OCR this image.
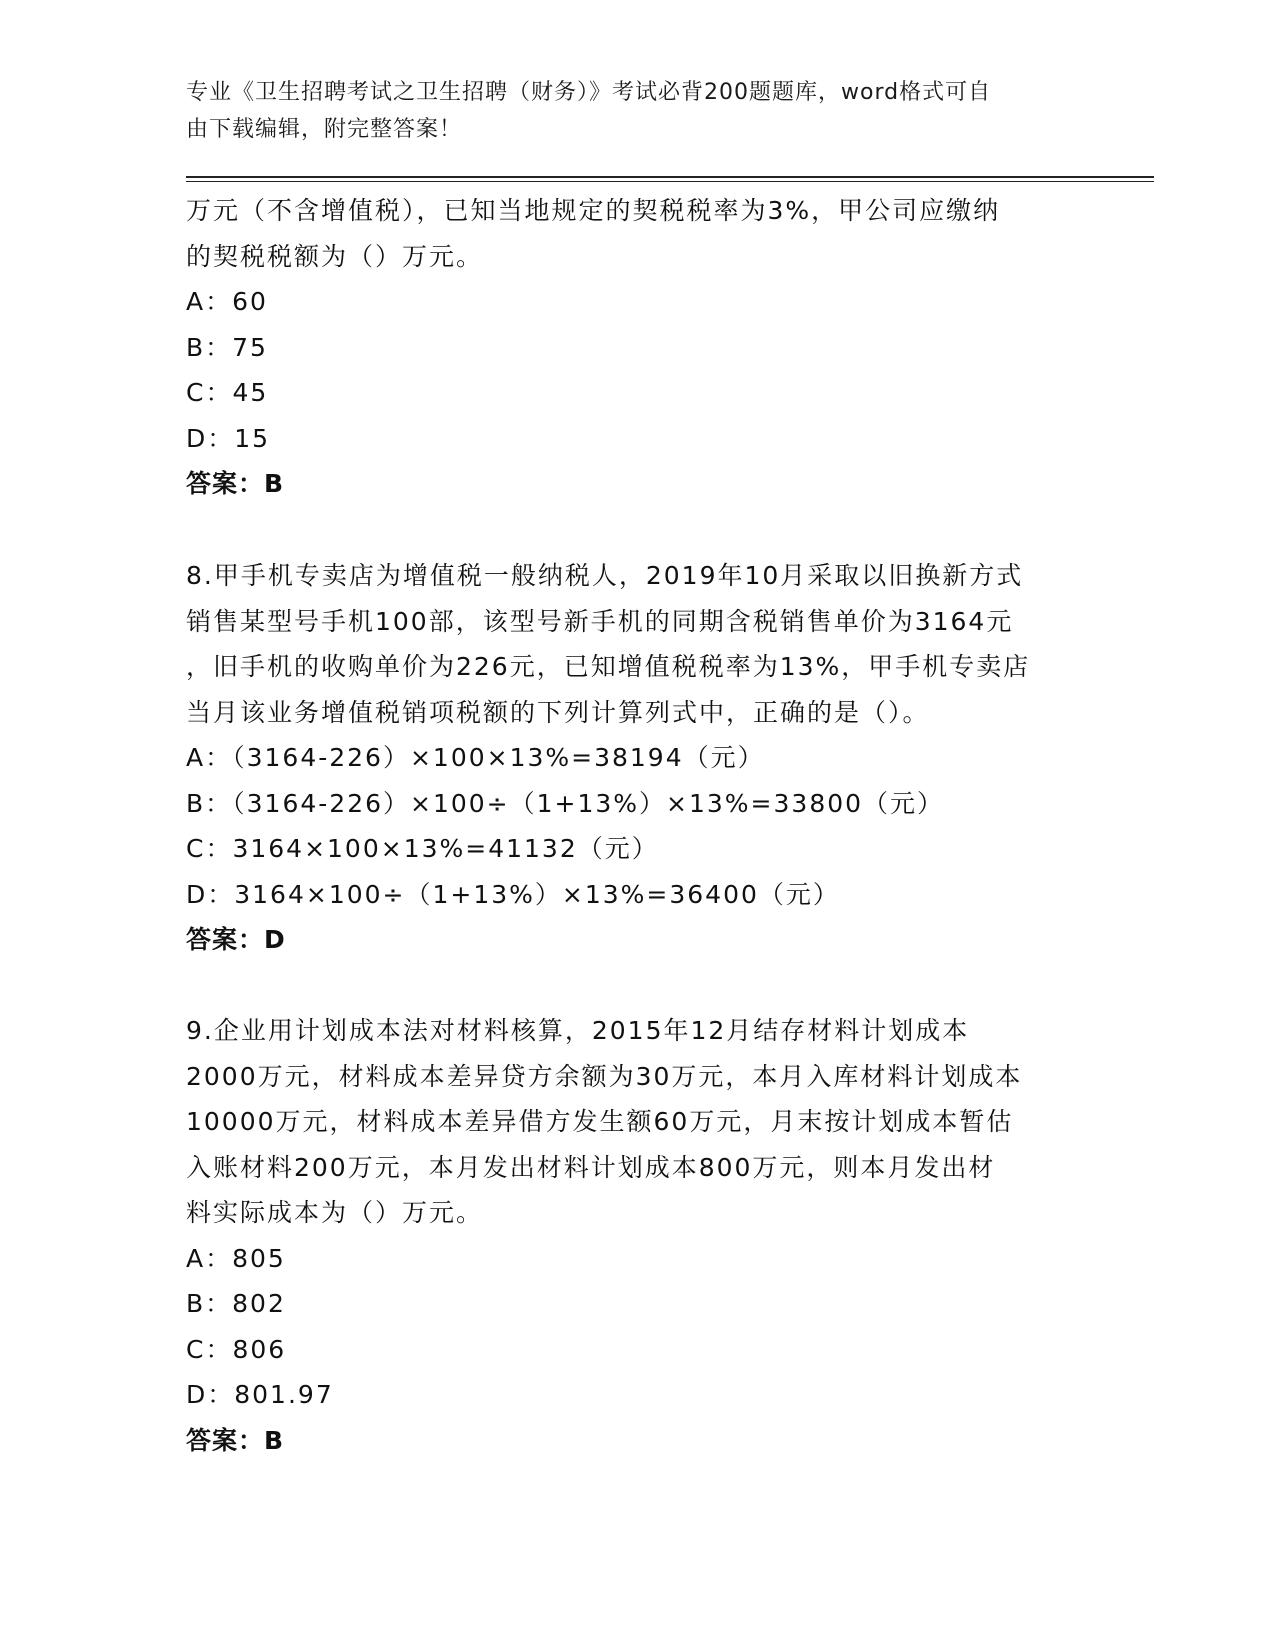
专业《卫生招聘考试之卫生招聘（财务）》考试必背200题题库，word格式可自
由下载编辑，附完整答案！
万元（不含增值税），已知当地规定的契税税率为3%，甲公司应缴纳
的契税税额为（）万元。
A：60
B：75
C：45
D：15
答案：B
8.甲手机专卖店为增值税一般纳税人，2019年10月采取以旧换新方式
销售某型号手机100部，该型号新手机的同期含税销售单价为3164元
，旧手机的收购单价为226元，已知增值税税率为13%，甲手机专卖店
当月该业务增值税销项税额的下列计算列式中，正确的是（）。
A：（3164-226）×100×13%=38194（元）
B：（3164-226）×100÷（1+13%）×13%=33800（元）
C：3164×100×13%=41132（元）
D：3164×100÷（1+13%）×13%=36400（元）
答案：D
9.企业用计划成本法对材料核算，2015年12月结存材料计划成本
2000万元，材料成本差异贷方余额为30万元，本月入库材料计划成本
10000万元，材料成本差异借方发生额60万元，月末按计划成本暂估
入账材料200万元，本月发出材料计划成本800万元，则本月发出材
料实际成本为（）万元。
A：805
B：802
C：806
D：801.97
答案：B
